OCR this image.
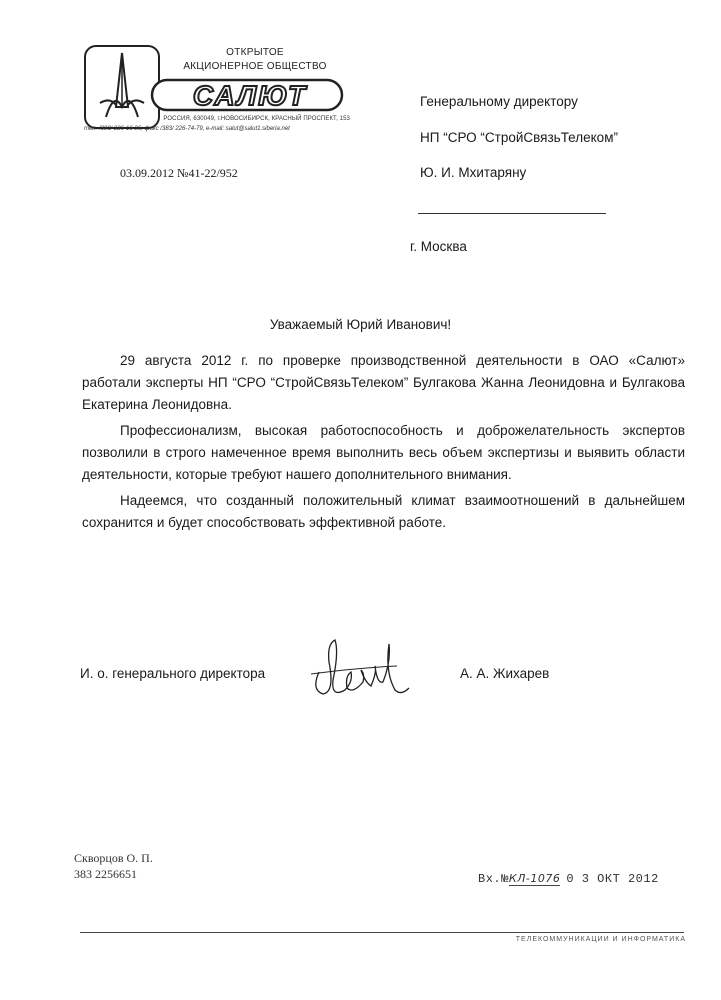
ОТКРЫТОЕ
АКЦИОНЕРНОЕ ОБЩЕСТВО
САЛЮТ
РОССИЯ, 630049, г.НОВОСИБИРСК, КРАСНЫЙ ПРОСПЕКТ, 153
тел. /383/ 226-16-26, факс /383/ 226-74-79, e-mail: salut@salut1.siberia.net
03.09.2012 №41-22/952
Генеральному директору
НП “СРО “СтройСвязьТелеком”
Ю. И. Мхитаряну
г. Москва
Уважаемый Юрий Иванович!

29 августа 2012 г. по проверке производственной деятельности в ОАО «Салют» работали эксперты НП “СРО “СтройСвязьТелеком” Булгакова Жанна Леонидовна и Булгакова Екатерина Леонидовна.

Профессионализм, высокая работоспособность и доброжелательность экспертов позволили в строго намеченное время выполнить весь объем экспертизы и выявить области деятельности, которые требуют нашего дополнительного внимания.

Надеемся, что созданный положительный климат взаимоотношений в дальнейшем сохранится и будет способствовать эффективной работе.

И. о. генерального директора	А. А. Жихарев
Скворцов О. П.
383 2256651	Вх.№КЛ-1076 0 3 ОКТ 2012
ТЕЛЕКОММУНИКАЦИИ И ИНФОРМАТИКА
